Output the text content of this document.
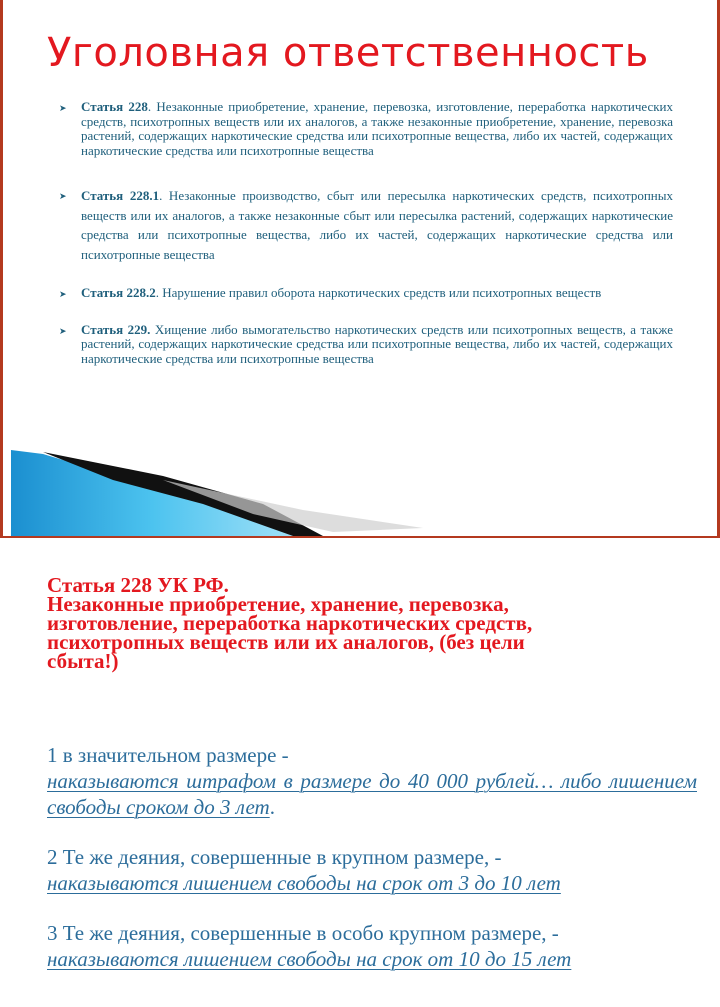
Уголовная ответственность
➤ Статья 228. Незаконные приобретение, хранение, перевозка, изготовление, переработка наркотических средств, психотропных веществ или их аналогов, а также незаконные приобретение, хранение, перевозка растений, содержащих наркотические средства или психотропные вещества, либо их частей, содержащих наркотические средства или психотропные вещества
➤ Статья 228.1. Незаконные производство, сбыт или пересылка наркотических средств, психотропных веществ или их аналогов, а также незаконные сбыт или пересылка растений, содержащих наркотические средства или психотропные вещества, либо их частей, содержащих наркотические средства или психотропные вещества
➤ Статья 228.2. Нарушение правил оборота наркотических средств или психотропных веществ
➤ Статья 229. Хищение либо вымогательство наркотических средств или психотропных веществ, а также растений, содержащих наркотические средства или психотропные вещества, либо их частей, содержащих наркотические средства или психотропные вещества
Статья 228 УК РФ.
Незаконные приобретение, хранение, перевозка,
изготовление, переработка наркотических средств,
психотропных веществ или их аналогов, (без цели
сбыта!)
1 в значительном размере -
наказываются штрафом в размере до 40 000 рублей… либо лишением свободы сроком до 3 лет.
2 Те же деяния, совершенные в крупном размере, -
наказываются лишением свободы на срок от 3 до 10 лет
3 Те же деяния, совершенные в особо крупном размере, -
наказываются лишением свободы на срок от 10 до 15 лет
